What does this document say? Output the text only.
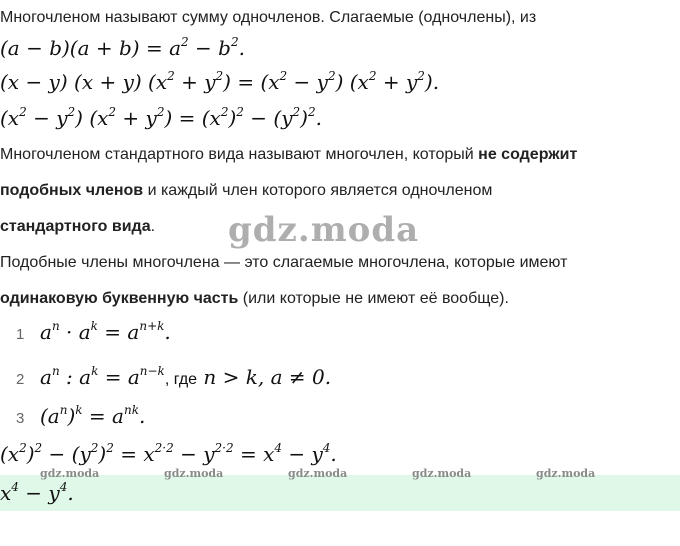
Многочленом называют сумму одночленов. Слагаемые (одночлены), из
$(a - b)(a + b) = a^2 - b^2$.
(x − y) (x + y) $(x^2 + y^2) = (x^2 - y^2) (x^2 + y^2)$.
$(x^2 - y^2) (x^2 + y^2) = (x^2)^2 - (y^2)^2$.
Многочленом стандартного вида называют многочлен, который не содержит
подобных членов и каждый член которого является одночленом
стандартного вида. gdz.moda
Подобные члены многочлена — это слагаемые многочлена, которые имеют
одинаковую буквенную часть (или которые не имеют её вообще).
1 $a^n \cdot a^k = a^{n+k}$.
2 $a^n$ : $a^k = a^{n-k}$, где n > k, a ≠ 0.
3 $(a^n)^k = a^{nk}$.
$(x^2)^2 - (y^2)^2 = x^{2\cdot 2} - y^{2\cdot 2} = x^4 - y^4$.
gdz.moda	gdz.moda	gdz.moda	gdz.moda	gdz.moda
$x^4 - y^4$.
